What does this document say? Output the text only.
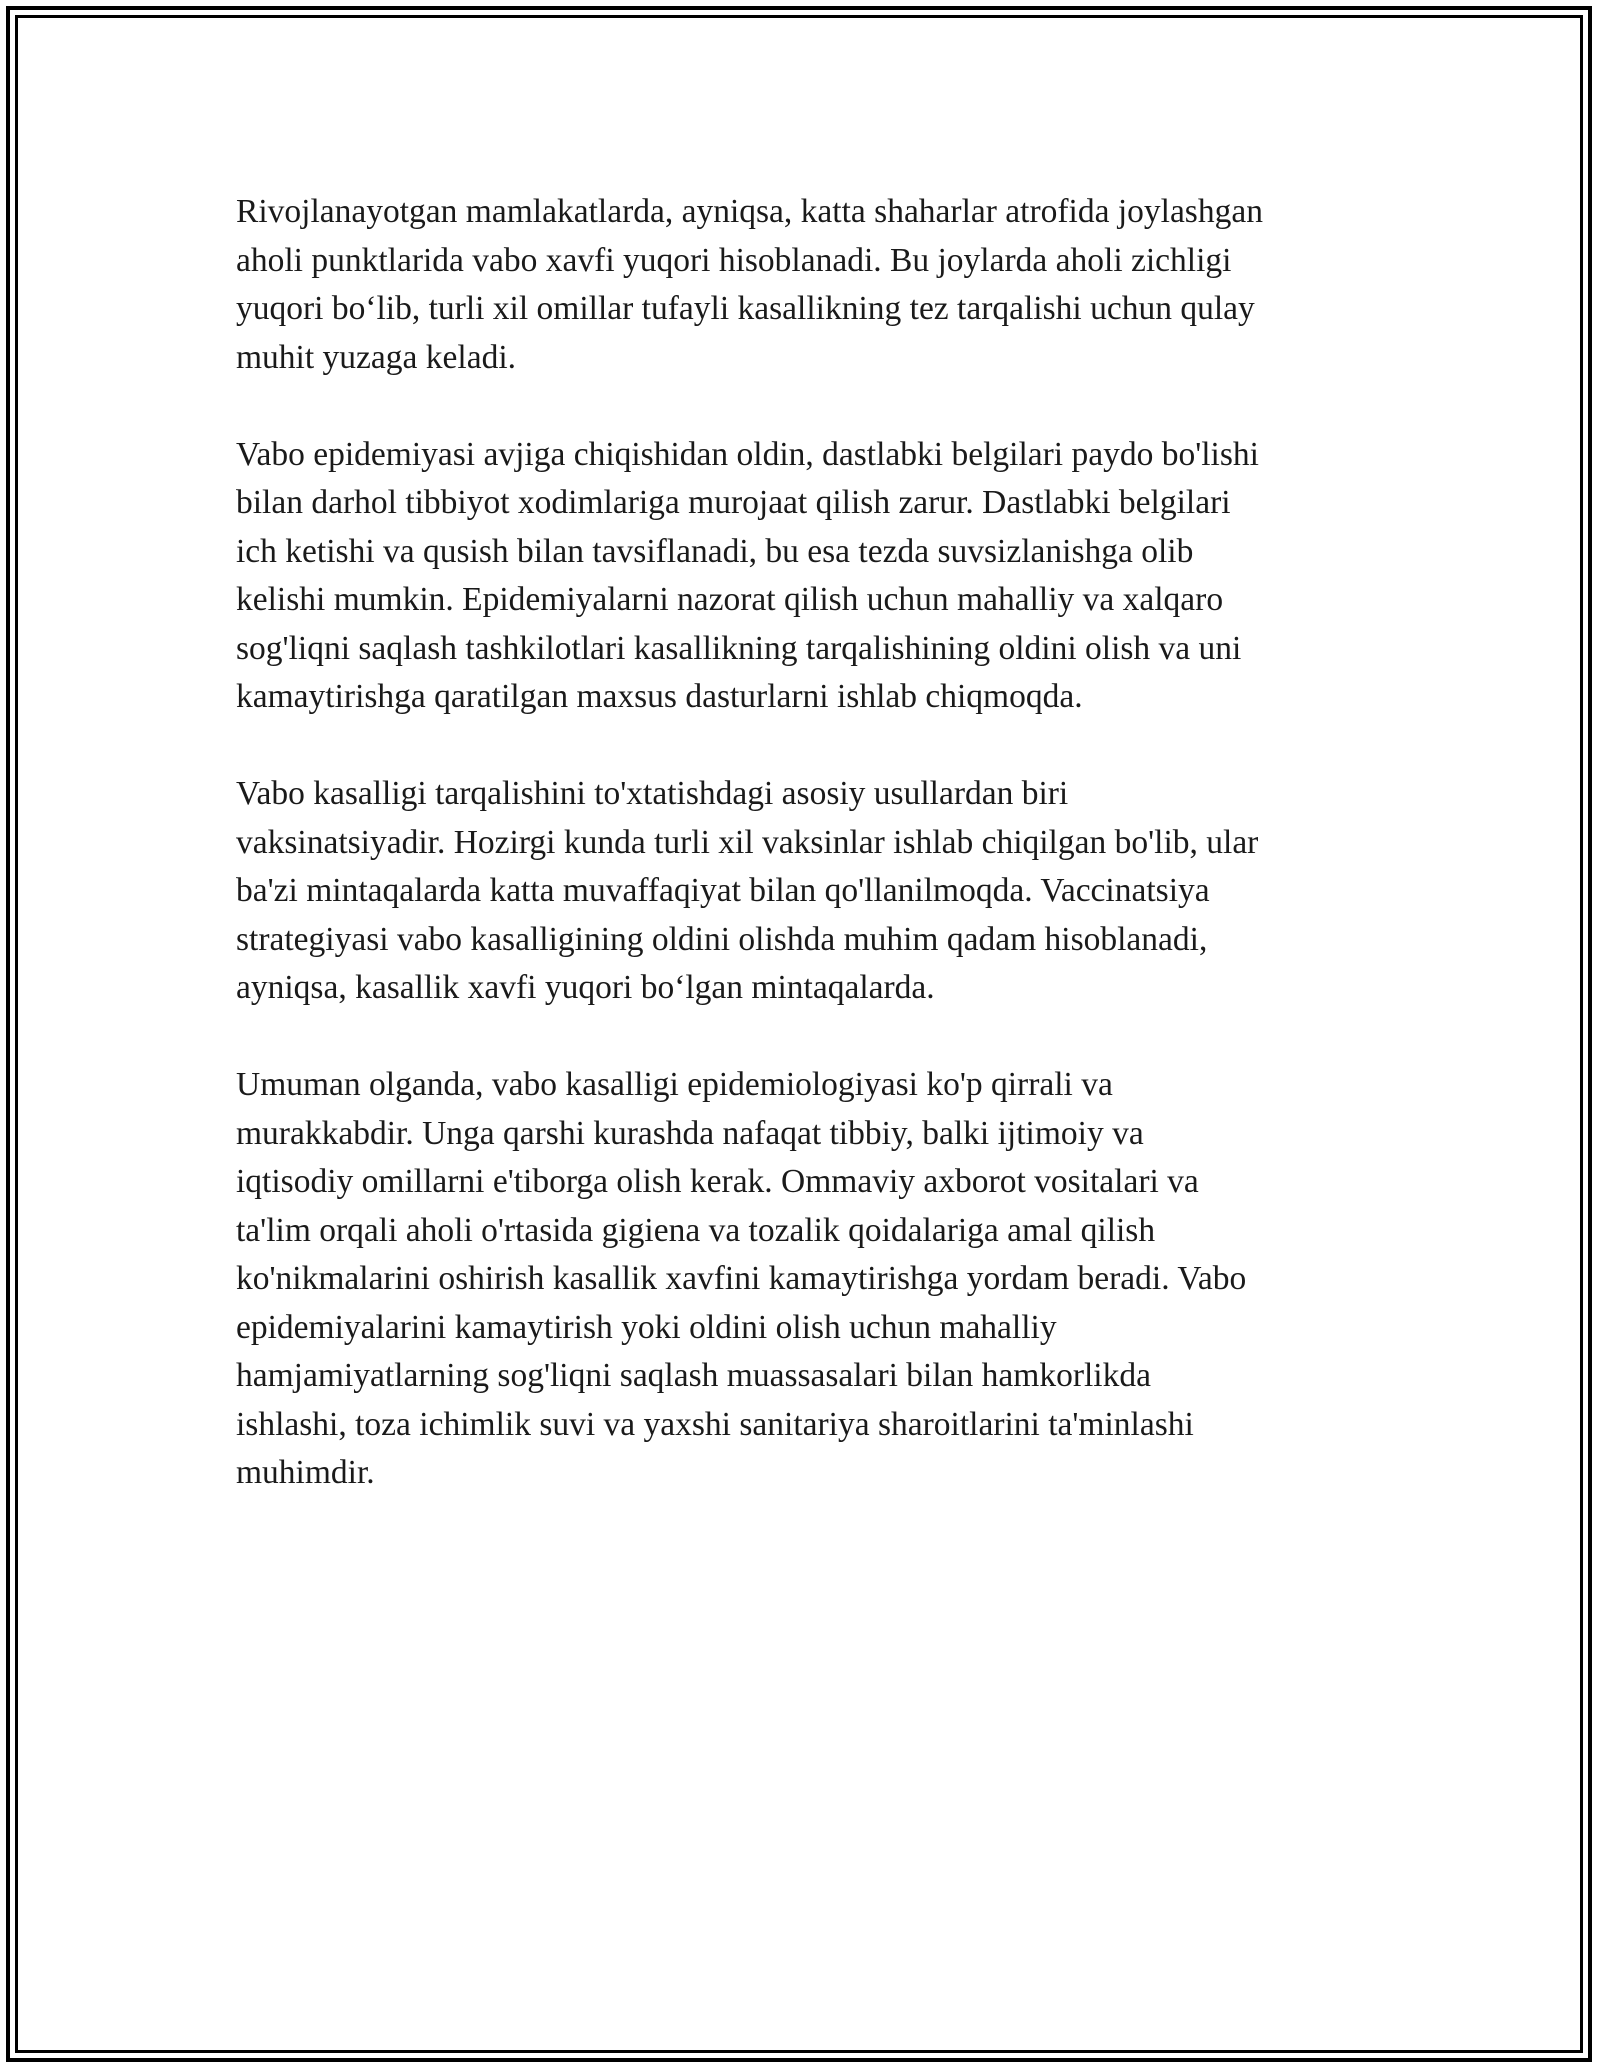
Rivojlanayotgan mamlakatlarda, ayniqsa, katta shaharlar atrofida joylashgan
aholi punktlarida vabo xavfi yuqori hisoblanadi. Bu joylarda aholi zichligi
yuqori boʻlib, turli xil omillar tufayli kasallikning tez tarqalishi uchun qulay
muhit yuzaga keladi.

Vabo epidemiyasi avjiga chiqishidan oldin, dastlabki belgilari paydo bo'lishi
bilan darhol tibbiyot xodimlariga murojaat qilish zarur. Dastlabki belgilari
ich ketishi va qusish bilan tavsiflanadi, bu esa tezda suvsizlanishga olib
kelishi mumkin. Epidemiyalarni nazorat qilish uchun mahalliy va xalqaro
sog'liqni saqlash tashkilotlari kasallikning tarqalishining oldini olish va uni
kamaytirishga qaratilgan maxsus dasturlarni ishlab chiqmoqda.

Vabo kasalligi tarqalishini to'xtatishdagi asosiy usullardan biri
vaksinatsiyadir. Hozirgi kunda turli xil vaksinlar ishlab chiqilgan bo'lib, ular
ba'zi mintaqalarda katta muvaffaqiyat bilan qo'llanilmoqda. Vaccinatsiya
strategiyasi vabo kasalligining oldini olishda muhim qadam hisoblanadi,
ayniqsa, kasallik xavfi yuqori boʻlgan mintaqalarda.

Umuman olganda, vabo kasalligi epidemiologiyasi ko'p qirrali va
murakkabdir. Unga qarshi kurashda nafaqat tibbiy, balki ijtimoiy va
iqtisodiy omillarni e'tiborga olish kerak. Ommaviy axborot vositalari va
ta'lim orqali aholi o'rtasida gigiena va tozalik qoidalariga amal qilish
ko'nikmalarini oshirish kasallik xavfini kamaytirishga yordam beradi. Vabo
epidemiyalarini kamaytirish yoki oldini olish uchun mahalliy
hamjamiyatlarning sog'liqni saqlash muassasalari bilan hamkorlikda
ishlashi, toza ichimlik suvi va yaxshi sanitariya sharoitlarini ta'minlashi
muhimdir.
